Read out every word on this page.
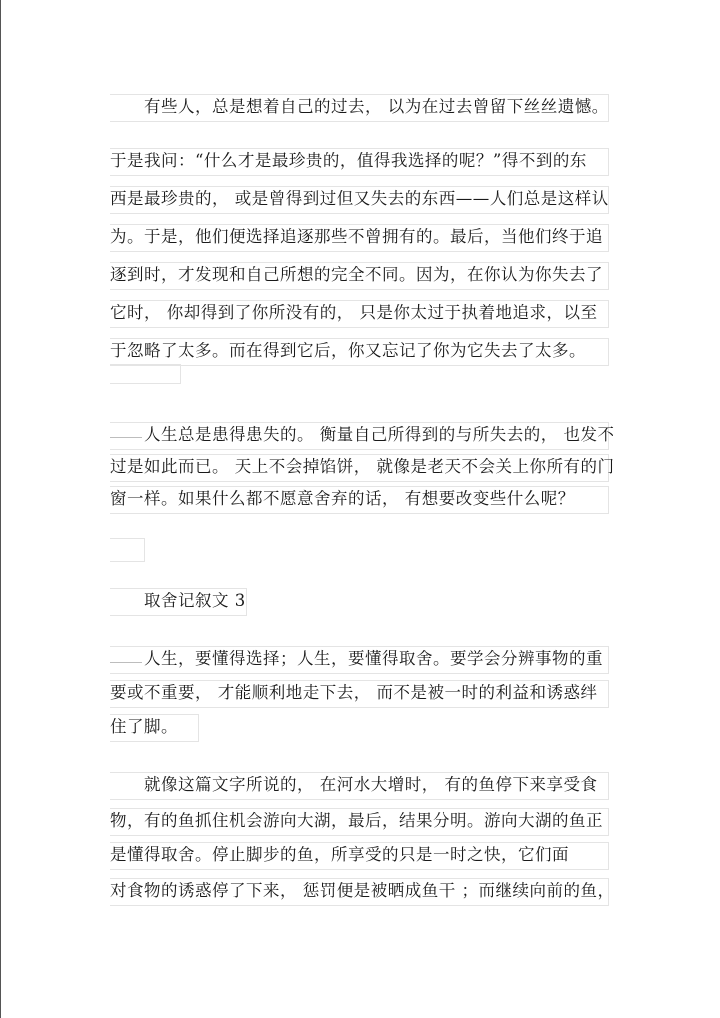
有些人，总是想着自己的过去， 以为在过去曾留下丝丝遗憾。
于是我问：“什么才是最珍贵的，值得我选择的呢？”得不到的东
西是最珍贵的， 或是曾得到过但又失去的东西——人们总是这样认
为。于是，他们便选择追逐那些不曾拥有的。最后，当他们终于追
逐到时，才发现和自己所想的完全不同。因为，在你认为你失去了
它时， 你却得到了你所没有的， 只是你太过于执着地追求，以至
于忽略了太多。而在得到它后，你又忘记了你为它失去了太多。
人生总是患得患失的。 衡量自己所得到的与所失去的， 也发不
过是如此而已。 天上不会掉馅饼， 就像是老天不会关上你所有的门
窗一样。如果什么都不愿意舍弃的话， 有想要改变些什么呢？
取舍记叙文 3
人生，要懂得选择；人生，要懂得取舍。要学会分辨事物的重
要或不重要， 才能顺利地走下去， 而不是被一时的利益和诱惑绊
住了脚。
就像这篇文字所说的， 在河水大增时， 有的鱼停下来享受食
物，有的鱼抓住机会游向大湖，最后，结果分明。游向大湖的鱼正
是懂得取舍。停止脚步的鱼，所享受的只是一时之快，它们面
对食物的诱惑停了下来， 惩罚便是被晒成鱼干 ；而继续向前的鱼，
